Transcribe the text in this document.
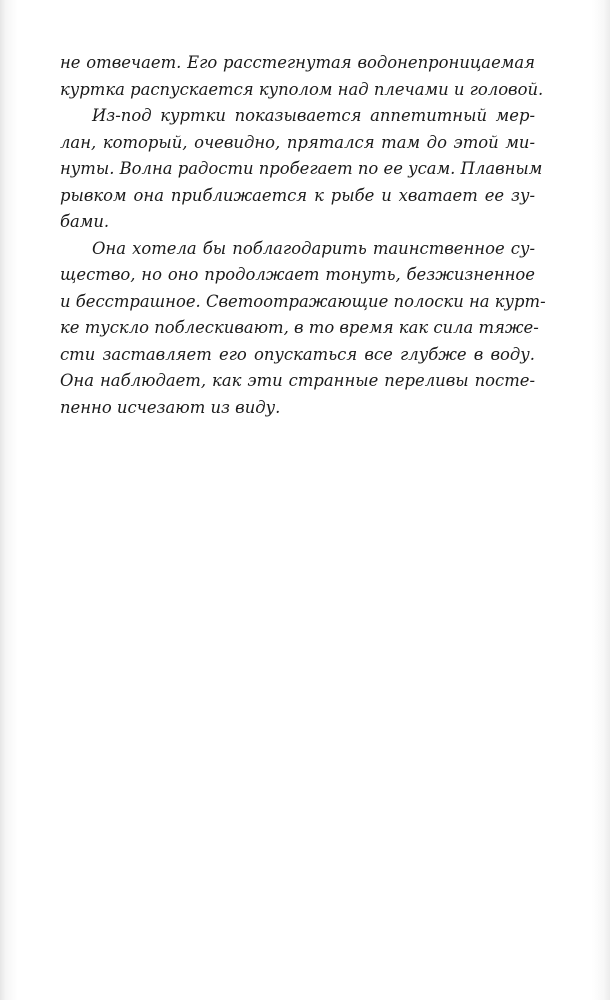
не отвечает. Его расстегнутая водонепроницаемая
куртка распускается куполом над плечами и головой.

Из-под куртки показывается аппетитный мер-
лан, который, очевидно, прятался там до этой ми-
нуты. Волна радости пробегает по ее усам. Плавным
рывком она приближается к рыбе и хватает ее зу-
бами.

Она хотела бы поблагодарить таинственное су-
щество, но оно продолжает тонуть, безжизненное
и бесстрашное. Светоотражающие полоски на курт-
ке тускло поблескивают, в то время как сила тяже-
сти заставляет его опускаться все глубже в воду.
Она наблюдает, как эти странные переливы посте-
пенно исчезают из виду.
